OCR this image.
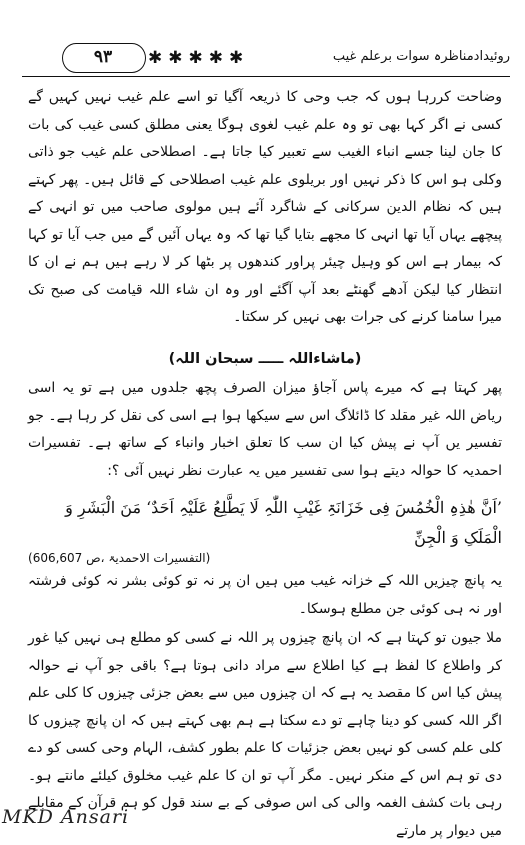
۹۳	✱ ✱ ✱ ✱ ✱	روئیدادمناظرہ سوات برعلم غیب

وضاحت کررہا ہوں کہ جب وحی کا ذریعہ آگیا تو اسے علم غیب نہیں کہیں گے کسی نے اگر کہا بھی تو وہ علم غیب لغوی ہوگا یعنی مطلق کسی غیب کی بات کا جان لینا جسے انباء الغیب سے تعبیر کیا جاتا ہے۔ اصطلاحی علم غیب جو ذاتی وکلی ہو اس کا ذکر نہیں اور بریلوی علم غیب اصطلاحی کے قائل ہیں۔ پھر کہتے ہیں کہ نظام الدین سرکانی کے شاگرد آئے ہیں مولوی صاحب میں تو انہی کے پیچھے یہاں آیا تھا انہی کا مجھے بتایا گیا تھا کہ وہ یہاں آئیں گے میں جب آیا تو کہا کہ بیمار ہے اس کو وہیل چیئر پراور کندھوں پر بٹھا کر لا رہے ہیں ہم نے ان کا انتظار کیا لیکن آدھے گھنٹے بعد آپ آگئے اور وہ ان شاء اللہ قیامت کی صبح تک میرا سامنا کرنے کی جرات بھی نہیں کر سکتا۔

(ماشاءاللہ ـــــ سبحان اللہ)

پھر کہتا ہے کہ میرے پاس آجاؤ میزان الصرف پچھ جلدوں میں ہے تو یہ اسی ریاض اللہ غیر مقلد کا ڈائلاگ اس سے سیکھا ہوا ہے اسی کی نقل کر رہا ہے۔ جو تفسیر یں آپ نے پیش کیا ان سب کا تعلق اخبار وانباء کے ساتھ ہے۔ تفسیرات احمدیہ کا حوالہ دیتے ہوا سی تفسیر میں یہ عبارت نظر نہیں آئی ؟:

’اَنَّ ھٰذِہِ الْخُمُسَ فِی خَزَانَۃِ غَیْبِ اللّٰہِ لَا یَطَّلِعُ عَلَیْہِ اَحَدٌ‘ مَنَ الْبَشَرِ وَ الْمَلَکِ وَ الْجِنِّ
(التفسیرات الاحمدیۃ ،ص 606,607)

یہ پانچ چیزیں اللہ کے خزانہ غیب میں ہیں ان پر نہ تو کوئی بشر نہ کوئی فرشتہ اور نہ ہی کوئی جن مطلع ہوسکا۔

ملا جیون تو کہتا ہے کہ ان پانچ چیزوں پر اللہ نے کسی کو مطلع ہی نہیں کیا غور کر واطلاع کا لفظ ہے کیا اطلاع سے مراد دانی ہوتا ہے؟ باقی جو آپ نے حوالہ پیش کیا اس کا مقصد یہ ہے کہ ان چیزوں میں سے بعض جزئی چیزوں کا کلی علم اگر اللہ کسی کو دینا چاہے تو دے سکتا ہے ہم بھی کہتے ہیں کہ ان پانچ چیزوں کا کلی علم کسی کو نہیں بعض جزئیات کا علم بطور کشف، الہام وحی کسی کو دے دی تو ہم اس کے منکر نہیں۔ مگر آپ تو ان کا علم غیب مخلوق کیلئے مانتے ہو۔ رہی بات کشف الغمہ والی کی اس صوفی کے بے سند قول کو ہم قرآن کے مقابلے میں دیوار پر مارتے

MKD Ansari
